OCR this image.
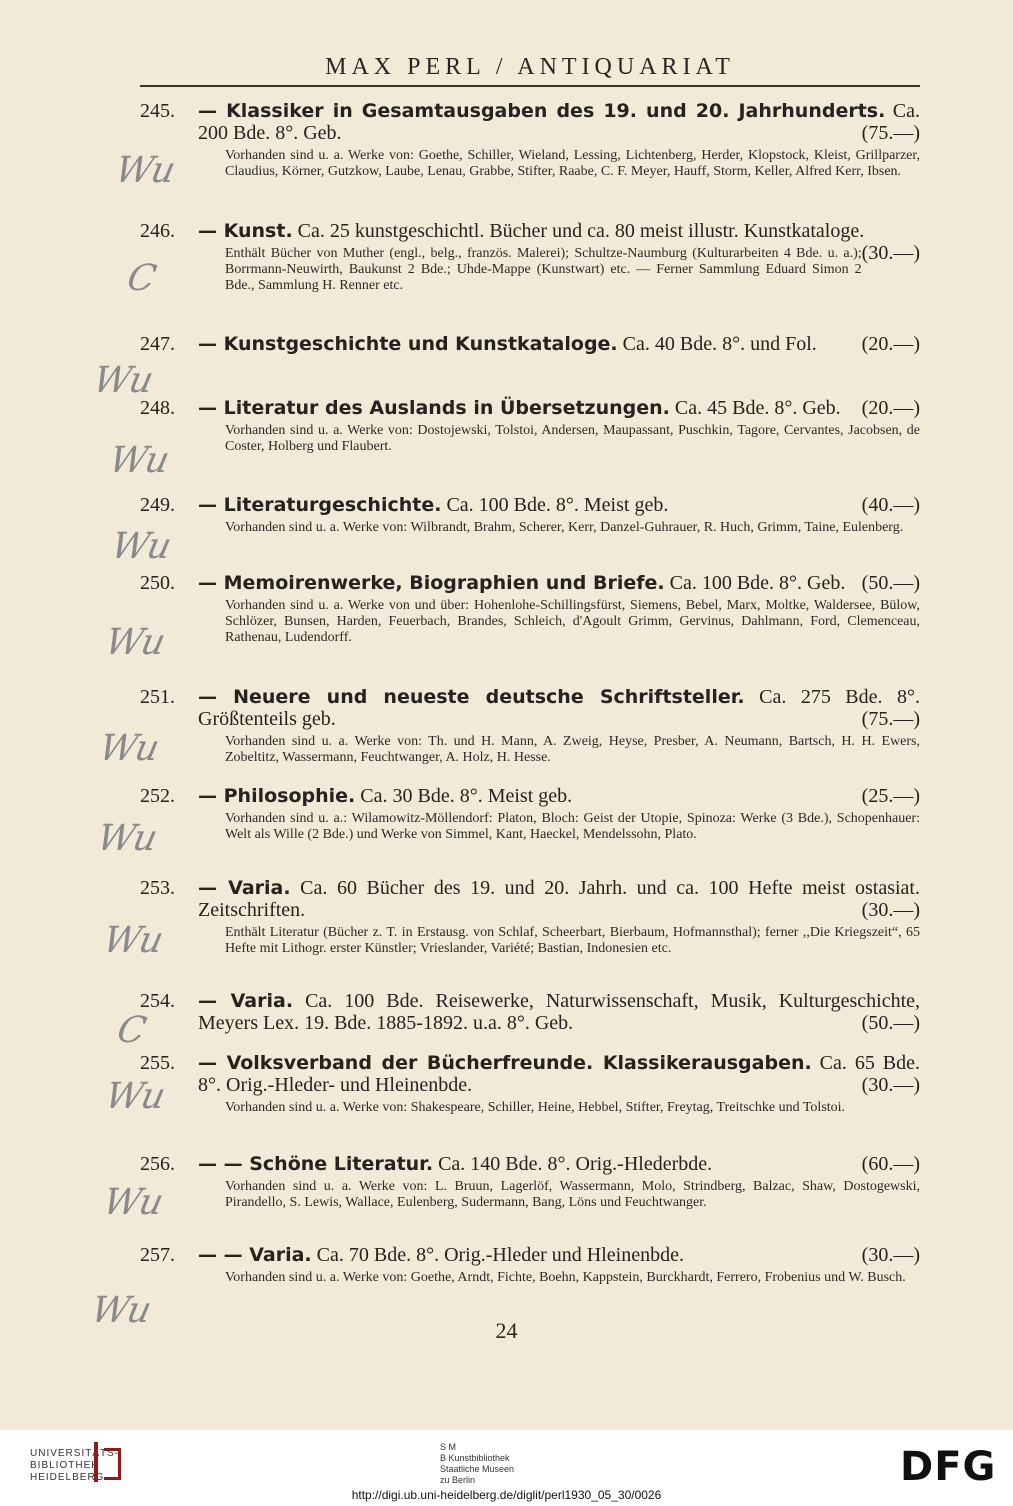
MAX PERL / ANTIQUARIAT
245. — Klassiker in Gesamtausgaben des 19. und 20. Jahrhunderts. Ca. 200 Bde. 8°. Geb.	(75.—)
Vorhanden sind u. a. Werke von: Goethe, Schiller, Wieland, Lessing, Lichtenberg, Herder, Klopstock, Kleist, Grillparzer, Claudius, Körner, Gutzkow, Laube, Lenau, Grabbe, Stifter, Raabe, C. F. Meyer, Hauff, Storm, Keller, Alfred Kerr, Ibsen.
246. — Kunst. Ca. 25 kunstgeschichtl. Bücher und ca. 80 meist illustr. Kunstkataloge.
(30.—)
Enthält Bücher von Muther (engl., belg., französ. Malerei); Schultze-Naumburg (Kulturarbeiten 4 Bde. u. a.); Borrmann-Neuwirth, Baukunst 2 Bde.; Uhde-Mappe (Kunstwart) etc. — Ferner Sammlung Eduard Simon 2 Bde., Sammlung H. Renner etc.
247. — Kunstgeschichte und Kunstkataloge. Ca. 40 Bde. 8°. und Fol. (20.—)
248. — Literatur des Auslands in Übersetzungen. Ca. 45 Bde. 8°. Geb. (20.—)
Vorhanden sind u. a. Werke von: Dostojewski, Tolstoi, Andersen, Maupassant, Puschkin, Tagore, Cervantes, Jacobsen, de Coster, Holberg und Flaubert.
249. — Literaturgeschichte. Ca. 100 Bde. 8°. Meist geb.	(40.—)
Vorhanden sind u. a. Werke von: Wilbrandt, Brahm, Scherer, Kerr, Danzel-Guhrauer, R. Huch, Grimm, Taine, Eulenberg.
250. — Memoirenwerke, Biographien und Briefe. Ca. 100 Bde. 8°. Geb. (50.—)
Vorhanden sind u. a. Werke von und über: Hohenlohe-Schillingsfürst, Siemens, Bebel, Marx, Moltke, Waldersee, Bülow, Schlözer, Bunsen, Harden, Feuerbach, Brandes, Schleich, d'Agoult Grimm, Gervinus, Dahlmann, Ford, Clemenceau, Rathenau, Ludendorff.
251. — Neuere und neueste deutsche Schriftsteller. Ca. 275 Bde. 8°. Größtenteils geb.	(75.—)
Vorhanden sind u. a. Werke von: Th. und H. Mann, A. Zweig, Heyse, Presber, A. Neumann, Bartsch, H. H. Ewers, Zobeltitz, Wassermann, Feuchtwanger, A. Holz, H. Hesse.
252. — Philosophie. Ca. 30 Bde. 8°. Meist geb.	(25.—)
Vorhanden sind u. a.: Wilamowitz-Möllendorf: Platon, Bloch: Geist der Utopie, Spinoza: Werke (3 Bde.), Schopenhauer: Welt als Wille (2 Bde.) und Werke von Simmel, Kant, Haeckel, Mendelssohn, Plato.
253. — Varia. Ca. 60 Bücher des 19. und 20. Jahrh. und ca. 100 Hefte meist ostasiat. Zeitschriften.	(30.—)
Enthält Literatur (Bücher z. T. in Erstausg. von Schlaf, Scheerbart, Bierbaum, Hofmannsthal); ferner ,,Die Kriegszeit“, 65 Hefte mit Lithogr. erster Künstler; Vrieslander, Variété; Bastian, Indonesien etc.
254. — Varia. Ca. 100 Bde. Reisewerke, Naturwissenschaft, Musik, Kulturgeschichte, Meyers Lex. 19. Bde. 1885-1892. u.a. 8°. Geb.	(50.—)
255. — Volksverband der Bücherfreunde. Klassikerausgaben. Ca. 65 Bde. 8°. Orig.-Hleder- und Hleinenbde.	(30.—)
Vorhanden sind u. a. Werke von: Shakespeare, Schiller, Heine, Hebbel, Stifter, Freytag, Treitschke und Tolstoi.
256. — — Schöne Literatur. Ca. 140 Bde. 8°. Orig.-Hlederbde.	(60.—)
Vorhanden sind u. a. Werke von: L. Bruun, Lagerlöf, Wassermann, Molo, Strindberg, Balzac, Shaw, Dostogewski, Pirandello, S. Lewis, Wallace, Eulenberg, Sudermann, Bang, Löns und Feuchtwanger.
257. — — Varia. Ca. 70 Bde. 8°. Orig.-Hleder und Hleinenbde.	(30.—)
Vorhanden sind u. a. Werke von: Goethe, Arndt, Fichte, Boehn, Kappstein, Burckhardt, Ferrero, Frobenius und W. Busch.
24
Wu
C
Wu
Wu
Wu
Wu
Wu
Wu
Wu
C
Wu
Wu
Wu
UNIVERSITÄTS-
BIBLIOTHEK
HEIDELBERG
S M
B Kunstbibliothek
Staatliche Museen
zu Berlin	DFG
http://digi.ub.uni-heidelberg.de/diglit/perl1930_05_30/0026
